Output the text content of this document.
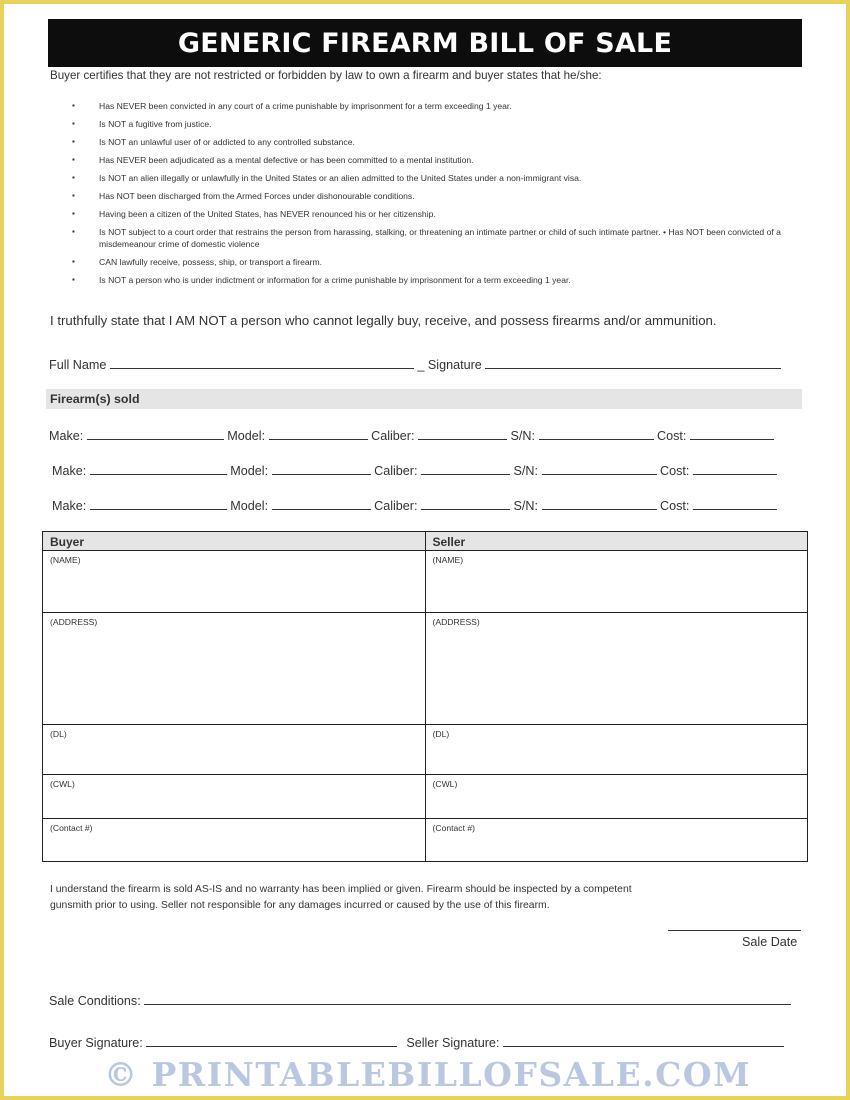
GENERIC FIREARM BILL OF SALE
Buyer certifies that they are not restricted or forbidden by law to own a firearm and buyer states that he/she:
▪	Has NEVER been convicted in any court of a crime punishable by imprisonment for a term exceeding 1 year.
▪	Is NOT a fugitive from justice.
▪	Is NOT an unlawful user of or addicted to any controlled substance.
▪	Has NEVER been adjudicated as a mental defective or has been committed to a mental institution.
▪	Is NOT an alien illegally or unlawfully in the United States or an alien admitted to the United States under a non-immigrant visa.
▪	Has NOT been discharged from the Armed Forces under dishonourable conditions.
▪	Having been a citizen of the United States, has NEVER renounced his or her citizenship.
▪	Is NOT subject to a court order that restrains the person from harassing, stalking, or threatening an intimate partner or child of such intimate partner. • Has NOT been convicted of a misdemeanour crime of domestic violence
▪	CAN lawfully receive, possess, ship, or transport a firearm.
▪	Is NOT a person who is under indictment or information for a crime punishable by imprisonment for a term exceeding 1 year.
I truthfully state that I AM NOT a person who cannot legally buy, receive, and possess firearms and/or ammunition.
Full Name	_ Signature
Firearm(s) sold
Make:	Model:	Caliber:	S/N:	Cost:
Make:	Model:	Caliber:	S/N:	Cost:
Make:	Model:	Caliber:	S/N:	Cost:
Buyer	Seller
(NAME)	(NAME)
(ADDRESS)	(ADDRESS)
(DL)	(DL)
(CWL)	(CWL)
(Contact #)	(Contact #)
I understand the firearm is sold AS-IS and no warranty has been implied or given. Firearm should be inspected by a competent
gunsmith prior to using. Seller not responsible for any damages incurred or caused by the use of this firearm.
Sale Date
Sale Conditions:
Buyer Signature:	Seller Signature:
© PRINTABLEBILLOFSALE.COM
